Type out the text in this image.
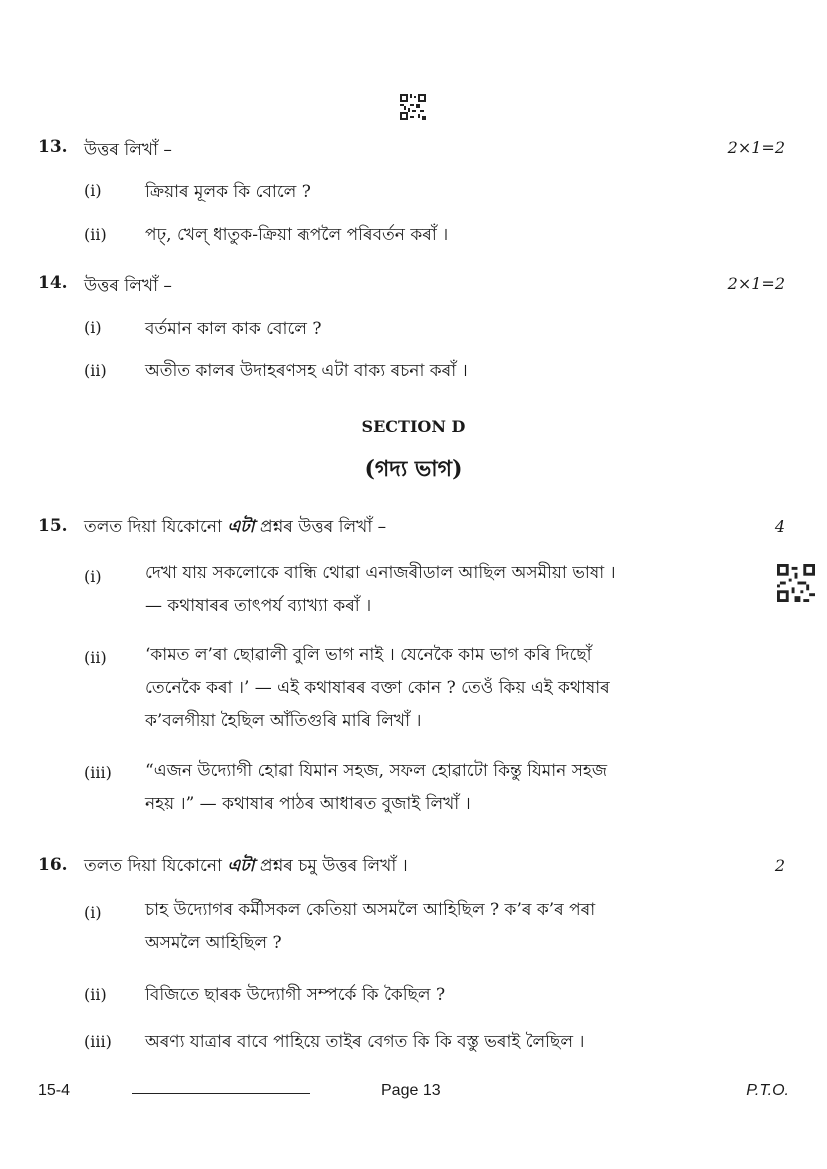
13. উত্তৰ লিখাঁ –	2×1=2
(i)	ক্ৰিয়াৰ মূলক কি বোলে ?
(ii) পঢ্, খেল্ ধাতুক-ক্ৰিয়া ৰূপলৈ পৰিবৰ্তন কৰাঁ ।
14. উত্তৰ লিখাঁ –	2×1=2
(i)	বৰ্তমান কাল কাক বোলে ?
(ii) অতীত কালৰ উদাহৰণসহ এটা বাক্য ৰচনা কৰাঁ ।
SECTION D
(গদ্য ভাগ)
15. তলত দিয়া যিকোনো এটা প্ৰশ্নৰ উত্তৰ লিখাঁ –	4
(i)	দেখা যায় সকলোকে বান্ধি থোৱা এনাজৰীডাল আছিল অসমীয়া ভাষা ।
— কথাষাৰৰ তাৎপৰ্য ব্যাখ্যা কৰাঁ ।
(ii) ‘কামত ল’ৰা ছোৱালী বুলি ভাগ নাই । যেনেকৈ কাম ভাগ কৰি দিছোঁ
তেনেকৈ কৰা ।’ — এই কথাষাৰৰ বক্তা কোন ? তেওঁ কিয় এই কথাষাৰ
ক’বলগীয়া হৈছিল আঁতিগুৰি মাৰি লিখাঁ ।
(iii) “এজন উদ্যোগী হোৱা যিমান সহজ, সফল হোৱাটো কিন্তু যিমান সহজ
নহয় ।” — কথাষাৰ পাঠৰ আধাৰত বুজাই লিখাঁ ।
16. তলত দিয়া যিকোনো এটা প্ৰশ্নৰ চমু উত্তৰ লিখাঁ ।	2
(i)	চাহ উদ্যোগৰ কৰ্মীসকল কেতিয়া অসমলৈ আহিছিল ? ক’ৰ ক’ৰ পৰা
অসমলৈ আহিছিল ?
(ii) বিজিতে ছাৰক উদ্যোগী সম্পৰ্কে কি কৈছিল ?
(iii) অৰণ্য যাত্ৰাৰ বাবে পাহিয়ে তাইৰ বেগত কি কি বস্তু ভৰাই লৈছিল ।
15-4	Page 13	P.T.O.
